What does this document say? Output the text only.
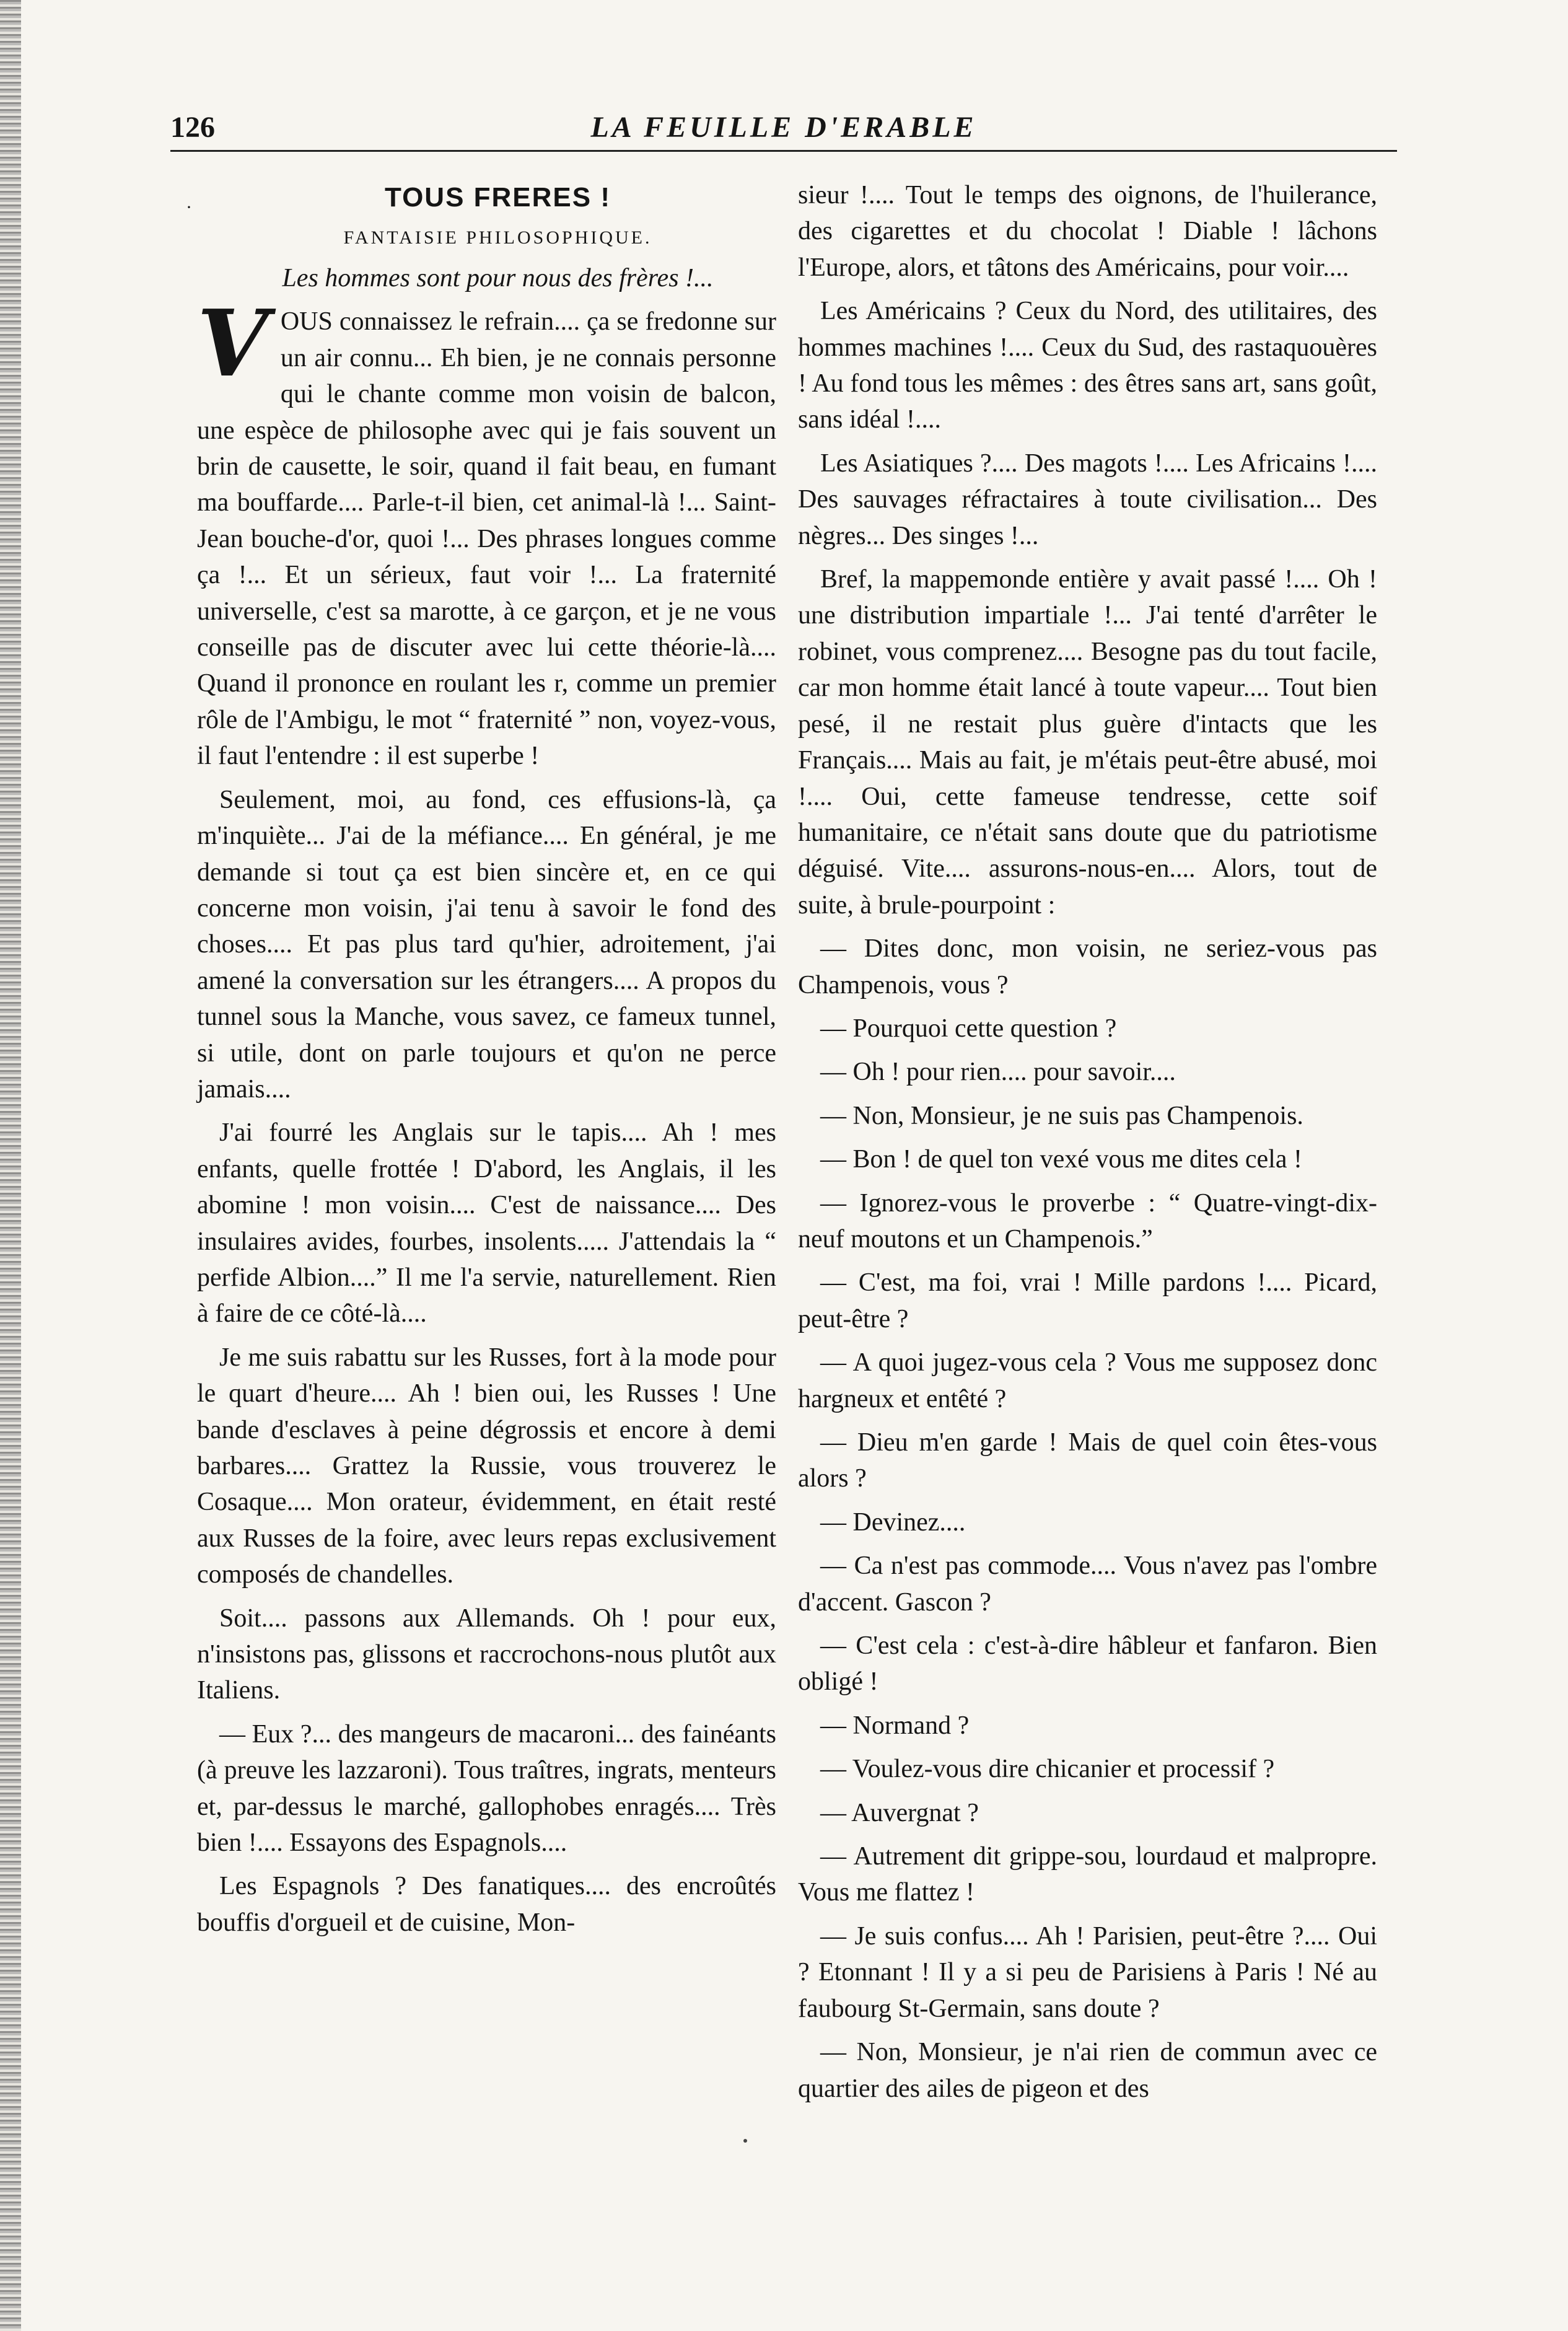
126	LA FEUILLE D'ERABLE
·	TOUS FRERES !

FANTAISIE PHILOSOPHIQUE.

Les hommes sont pour nous des frères !...

VOUS connaissez le refrain.... ça se fredonne sur un air connu... Eh bien, je ne connais personne qui le chante comme mon voisin de balcon, une espèce de philosophe avec qui je fais souvent un brin de causette, le soir, quand il fait beau, en fumant ma bouffarde.... Parle-t-il bien, cet animal-là !... Saint-Jean bouche-d'or, quoi !... Des phrases longues comme ça !... Et un sérieux, faut voir !... La fraternité universelle, c'est sa marotte, à ce garçon, et je ne vous conseille pas de discuter avec lui cette théorie-là.... Quand il prononce en roulant les r, comme un premier rôle de l'Ambigu, le mot “ fraternité ” non, voyez-vous, il faut l'entendre : il est superbe !

Seulement, moi, au fond, ces effusions-là, ça m'inquiète... J'ai de la méfiance.... En général, je me demande si tout ça est bien sincère et, en ce qui concerne mon voisin, j'ai tenu à savoir le fond des choses.... Et pas plus tard qu'hier, adroitement, j'ai amené la conversation sur les étrangers.... A propos du tunnel sous la Manche, vous savez, ce fameux tunnel, si utile, dont on parle toujours et qu'on ne perce jamais....

J'ai fourré les Anglais sur le tapis.... Ah ! mes enfants, quelle frottée ! D'abord, les Anglais, il les abomine ! mon voisin.... C'est de naissance.... Des insulaires avides, fourbes, insolents..... J'attendais la “ perfide Albion....” Il me l'a servie, naturellement. Rien à faire de ce côté-là....

Je me suis rabattu sur les Russes, fort à la mode pour le quart d'heure.... Ah ! bien oui, les Russes ! Une bande d'esclaves à peine dégrossis et encore à demi barbares.... Grattez la Russie, vous trouverez le Cosaque.... Mon orateur, évidemment, en était resté aux Russes de la foire, avec leurs repas exclusivement composés de chandelles.

Soit.... passons aux Allemands. Oh ! pour eux, n'insistons pas, glissons et raccrochons-nous plutôt aux Italiens.

— Eux ?... des mangeurs de macaroni... des fainéants (à preuve les lazzaroni). Tous traîtres, ingrats, menteurs et, par-dessus le marché, gallophobes enragés.... Très bien !.... Essayons des Espagnols....

Les Espagnols ? Des fanatiques.... des encroûtés bouffis d'orgueil et de cuisine, Mon-

sieur !.... Tout le temps des oignons, de l'huilerance, des cigarettes et du chocolat ! Diable ! lâchons l'Europe, alors, et tâtons des Américains, pour voir....

Les Américains ? Ceux du Nord, des utilitaires, des hommes machines !.... Ceux du Sud, des rastaquouères ! Au fond tous les mêmes : des êtres sans art, sans goût, sans idéal !....

Les Asiatiques ?.... Des magots !.... Les Africains !.... Des sauvages réfractaires à toute civilisation... Des nègres... Des singes !...

Bref, la mappemonde entière y avait passé !.... Oh ! une distribution impartiale !... J'ai tenté d'arrêter le robinet, vous comprenez.... Besogne pas du tout facile, car mon homme était lancé à toute vapeur.... Tout bien pesé, il ne restait plus guère d'intacts que les Français.... Mais au fait, je m'étais peut-être abusé, moi !.... Oui, cette fameuse tendresse, cette soif humanitaire, ce n'était sans doute que du patriotisme déguisé. Vite.... assurons-nous-en.... Alors, tout de suite, à brule-pourpoint :

— Dites donc, mon voisin, ne seriez-vous pas Champenois, vous ?

— Pourquoi cette question ?

— Oh ! pour rien.... pour savoir....

— Non, Monsieur, je ne suis pas Champenois.

— Bon ! de quel ton vexé vous me dites cela !

— Ignorez-vous le proverbe : “ Quatre-vingt-dix-neuf moutons et un Champenois.”

— C'est, ma foi, vrai ! Mille pardons !.... Picard, peut-être ?

— A quoi jugez-vous cela ? Vous me supposez donc hargneux et entêté ?

— Dieu m'en garde ! Mais de quel coin êtes-vous alors ?

— Devinez....

— Ca n'est pas commode.... Vous n'avez pas l'ombre d'accent. Gascon ?

— C'est cela : c'est-à-dire hâbleur et fanfaron. Bien obligé !

— Normand ?

— Voulez-vous dire chicanier et processif ?

— Auvergnat ?

— Autrement dit grippe-sou, lourdaud et malpropre. Vous me flattez !

— Je suis confus.... Ah ! Parisien, peut-être ?.... Oui ? Etonnant ! Il y a si peu de Parisiens à Paris ! Né au faubourg St-Germain, sans doute ?

— Non, Monsieur, je n'ai rien de commun avec ce quartier des ailes de pigeon et des
